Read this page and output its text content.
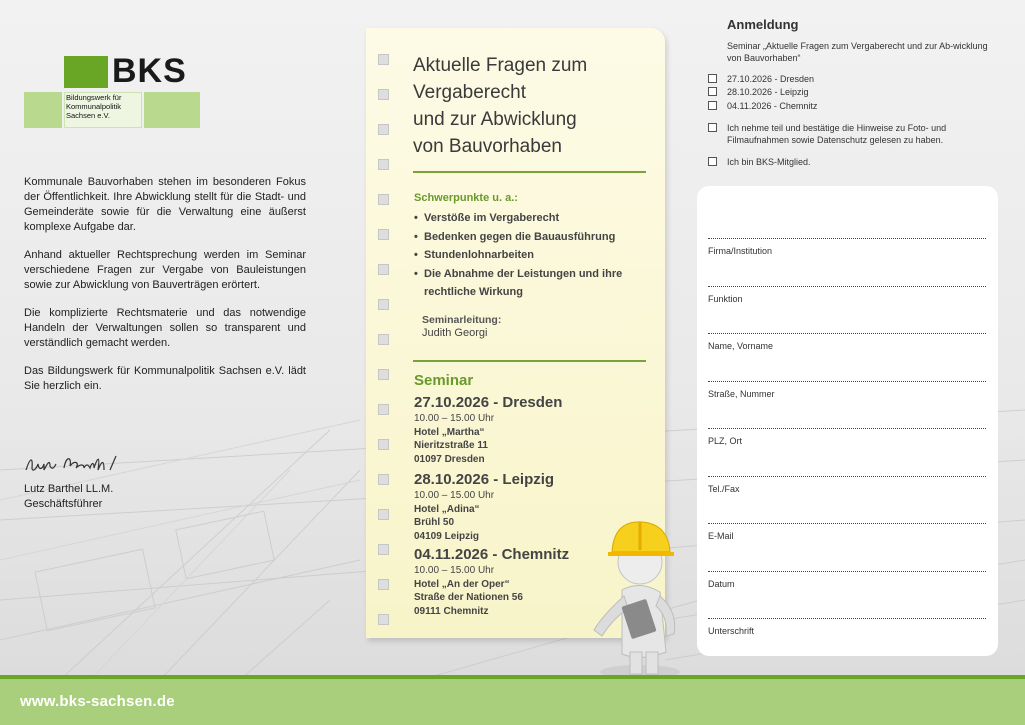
BKS
Bildungswerk für
Kommunalpolitik
Sachsen e.V.

Kommunale Bauvorhaben stehen im besonderen Fokus der Öffentlichkeit. Ihre Abwicklung stellt für die Stadt- und Gemeinderäte sowie für die Verwaltung eine äußerst komplexe Aufgabe dar.

Anhand aktueller Rechtsprechung werden im Seminar verschiedene Fragen zur Vergabe von Bauleistungen sowie zur Abwicklung von Bauverträgen erörtert.

Die komplizierte Rechtsmaterie und das notwendige Handeln der Verwaltungen sollen so transparent und verständlich gemacht werden.

Das Bildungswerk für Kommunalpolitik Sachsen e.V. lädt Sie herzlich ein.

Lutz Barthel LL.M.
Geschäftsführer
Aktuelle Fragen zum
Vergaberecht
und zur Abwicklung
von Bauvorhaben
Schwerpunkte u. a.:
• Verstöße im Vergaberecht
• Bedenken gegen die Bauausführung
• Stundenlohnarbeiten
• Die Abnahme der Leistungen und ihre rechtliche Wirkung
Seminarleitung:
Judith Georgi
Seminar
27.10.2026 - Dresden
10.00 – 15.00 Uhr
Hotel „Martha“
Nieritzstraße 11
01097 Dresden
28.10.2026 - Leipzig
10.00 – 15.00 Uhr
Hotel „Adina“
Brühl 50
04109 Leipzig
04.11.2026 - Chemnitz
10.00 – 15.00 Uhr
Hotel „An der Oper“
Straße der Nationen 56
09111 Chemnitz
Anmeldung
Seminar „Aktuelle Fragen zum Vergaberecht und zur Ab-wicklung von Bauvorhaben“
27.10.2026 - Dresden
28.10.2026 - Leipzig
04.11.2026 - Chemnitz
Ich nehme teil und bestätige die Hinweise zu Foto- und Filmaufnahmen sowie Datenschutz gelesen zu haben.
Ich bin BKS-Mitglied.
Firma/Institution
Funktion
Name, Vorname
Straße, Nummer
PLZ, Ort
Tel./Fax
E-Mail
Datum
Unterschrift
www.bks-sachsen.de
